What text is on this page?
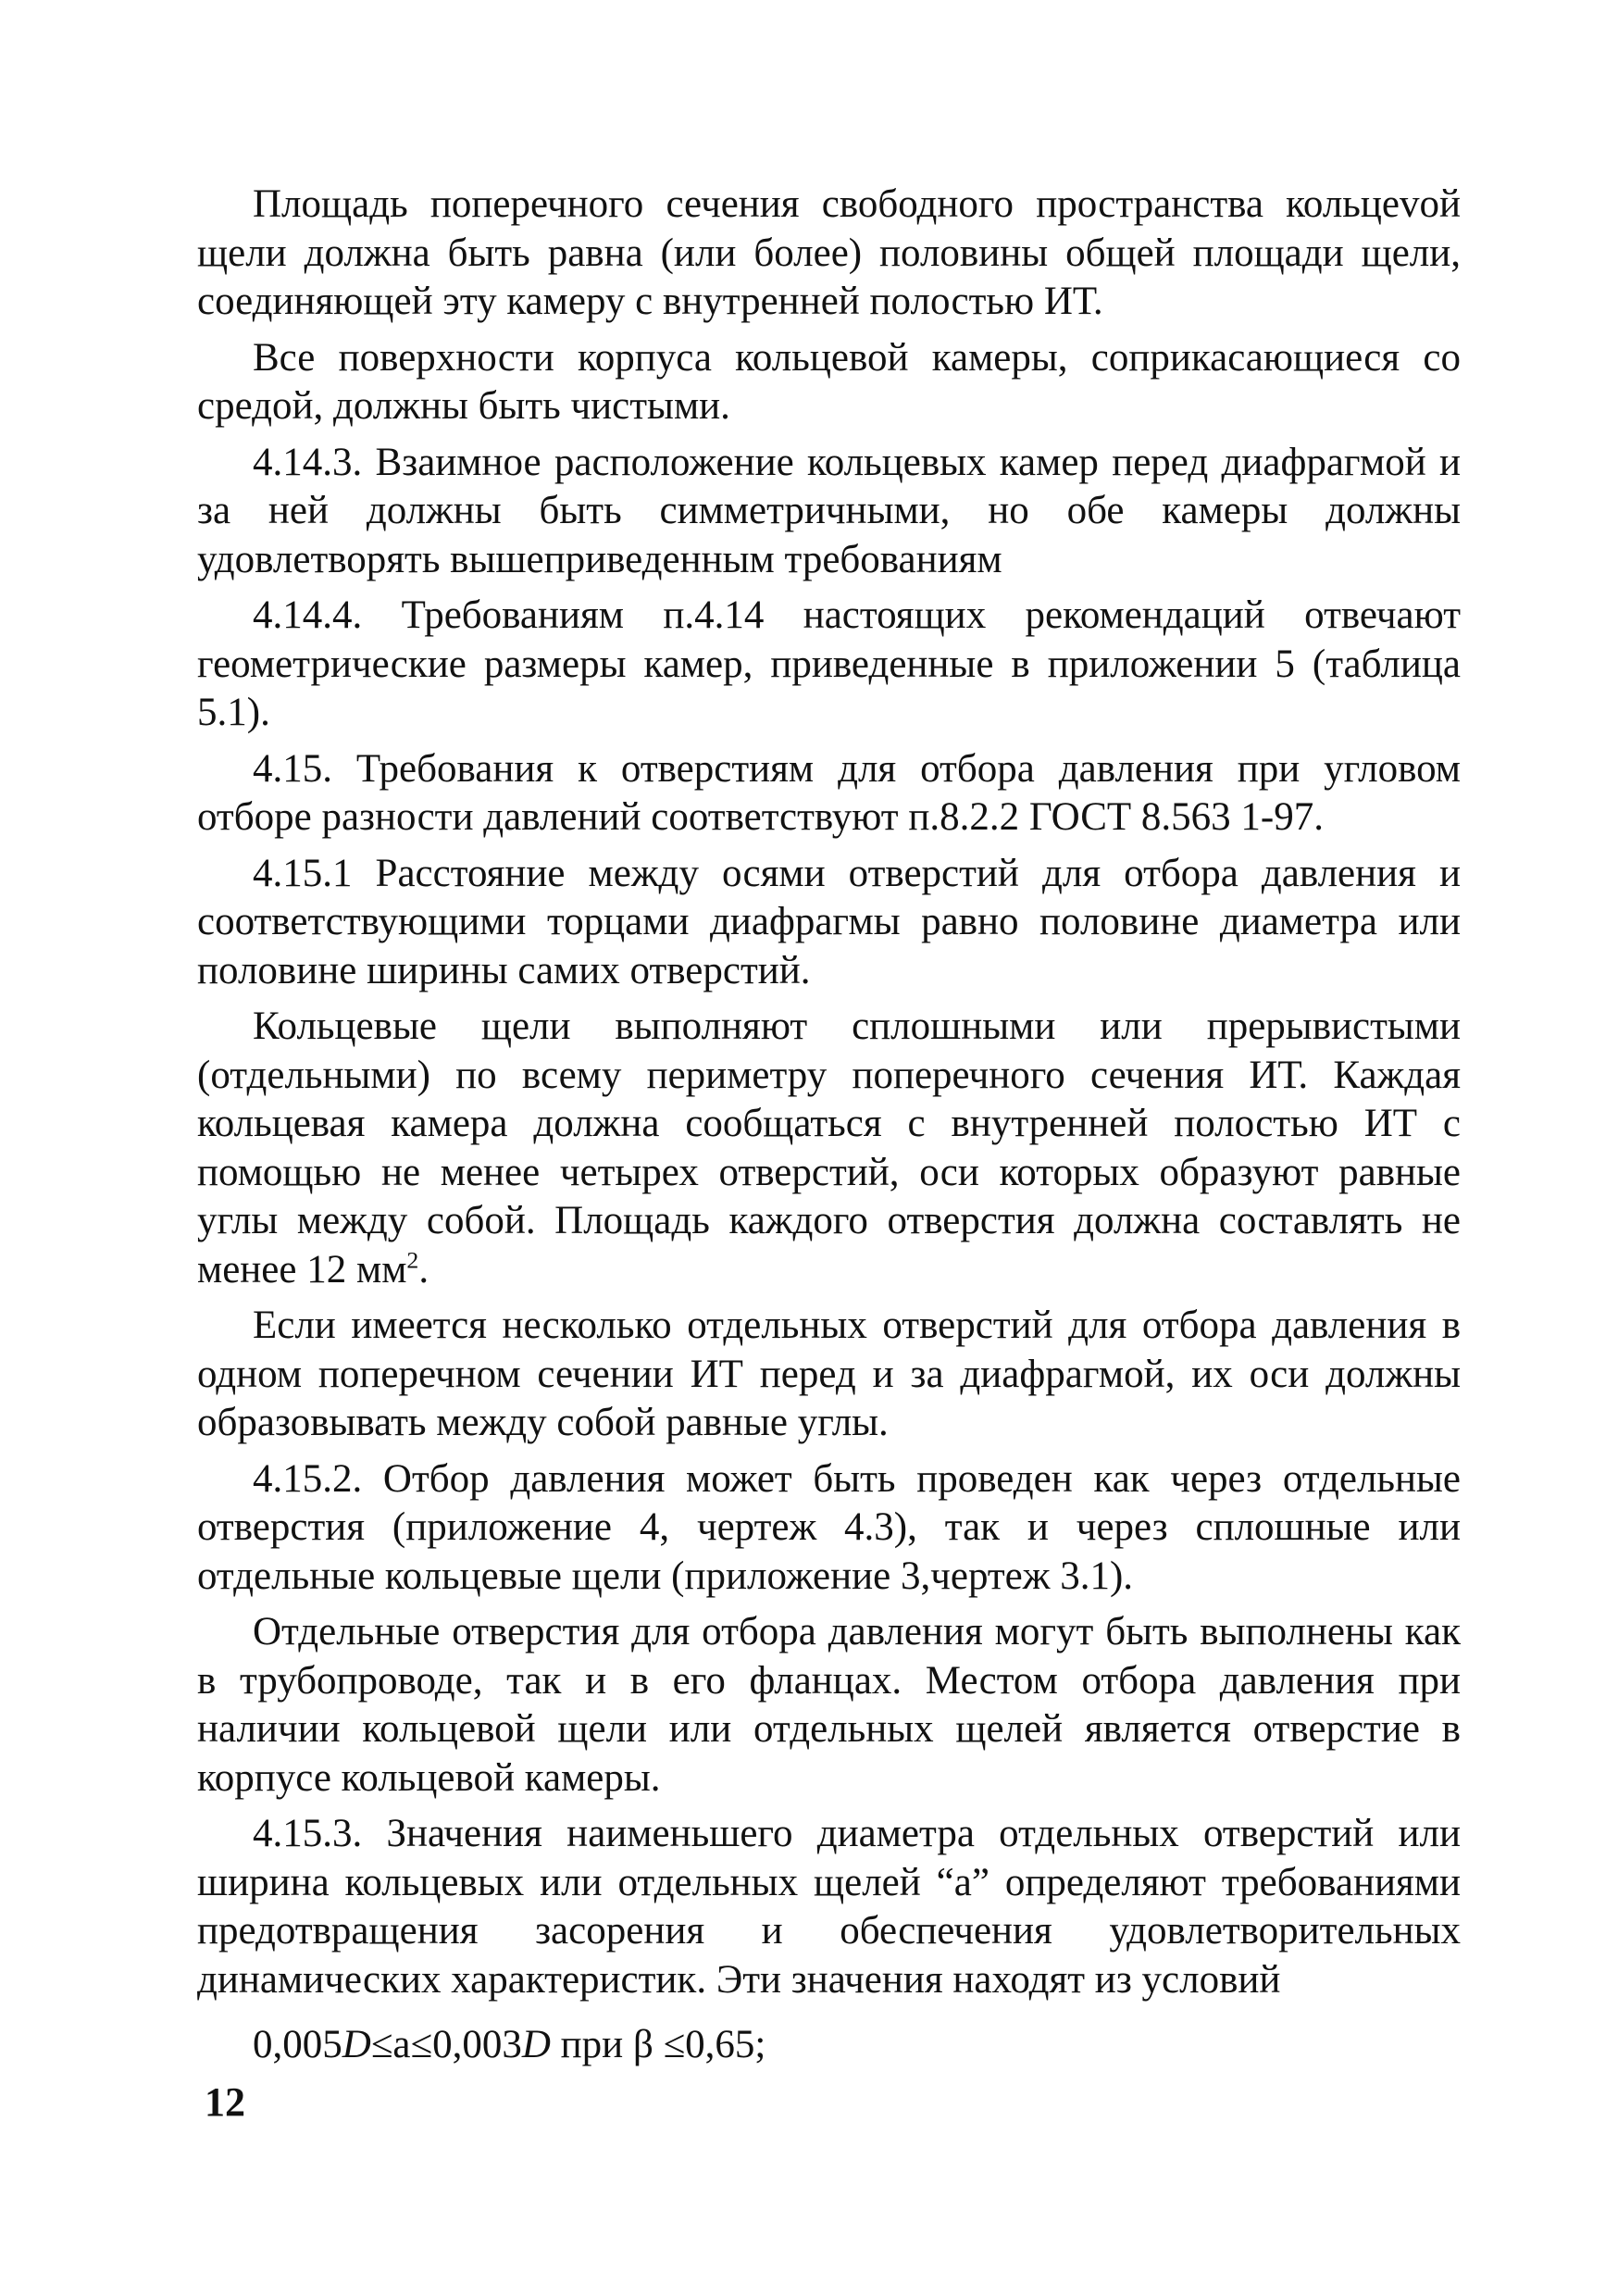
Площадь поперечного сечения свободного пространства кольцеvой щели должна быть равна (или более) половины общей площади щели, соединяющей эту камеру с внутренней полостью ИТ.

Все поверхности корпуса кольцевой камеры, соприкасающиеся со средой, должны быть чистыми.

4.14.3. Взаимное расположение кольцевых камер перед диафрагмой и за ней должны быть симметричными, но обе камеры должны удовлетворять вышеприведенным требованиям

4.14.4. Требованиям п.4.14 настоящих рекомендаций отвечают геометрические размеры камер, приведенные в приложении 5 (таблица 5.1).

4.15. Требования к отверстиям для отбора давления при угловом отборе разности давлений соответствуют п.8.2.2 ГОСТ 8.563 1-97.

4.15.1 Расстояние между осями отверстий для отбора давления и соответствующими торцами диафрагмы равно половине диаметра или половине ширины самих отверстий.

Кольцевые щели выполняют сплошными или прерывистыми (отдельными) по всему периметру поперечного сечения ИТ. Каждая кольцевая камера должна сообщаться с внутренней полостью ИТ с помощью не менее четырех отверстий, оси которых образуют равные углы между собой. Площадь каждого отверстия должна составлять не менее 12 $мм^2$.

Если имеется несколько отдельных отверстий для отбора давления в одном поперечном сечении ИТ перед и за диафрагмой, их оси должны образовывать между собой равные углы.

4.15.2. Отбор давления может быть проведен как через отдельные отверстия (приложение 4, чертеж 4.3), так и через сплошные или отдельные кольцевые щели (приложение 3,чертеж 3.1).

Отдельные отверстия для отбора давления могут быть выполнены как в трубопроводе, так и в его фланцах. Местом отбора давления при наличии кольцевой щели или отдельных щелей является отверстие в корпусе кольцевой камеры.

4.15.3. Значения наименьшего диаметра отдельных отверстий или ширина кольцевых или отдельных щелей “а” определяют требованиями предотвращения засорения и обеспечения удовлетворительных динамических характеристик. Эти значения находят из условий

0,005D≤a≤0,003D при β ≤0,65;
12
